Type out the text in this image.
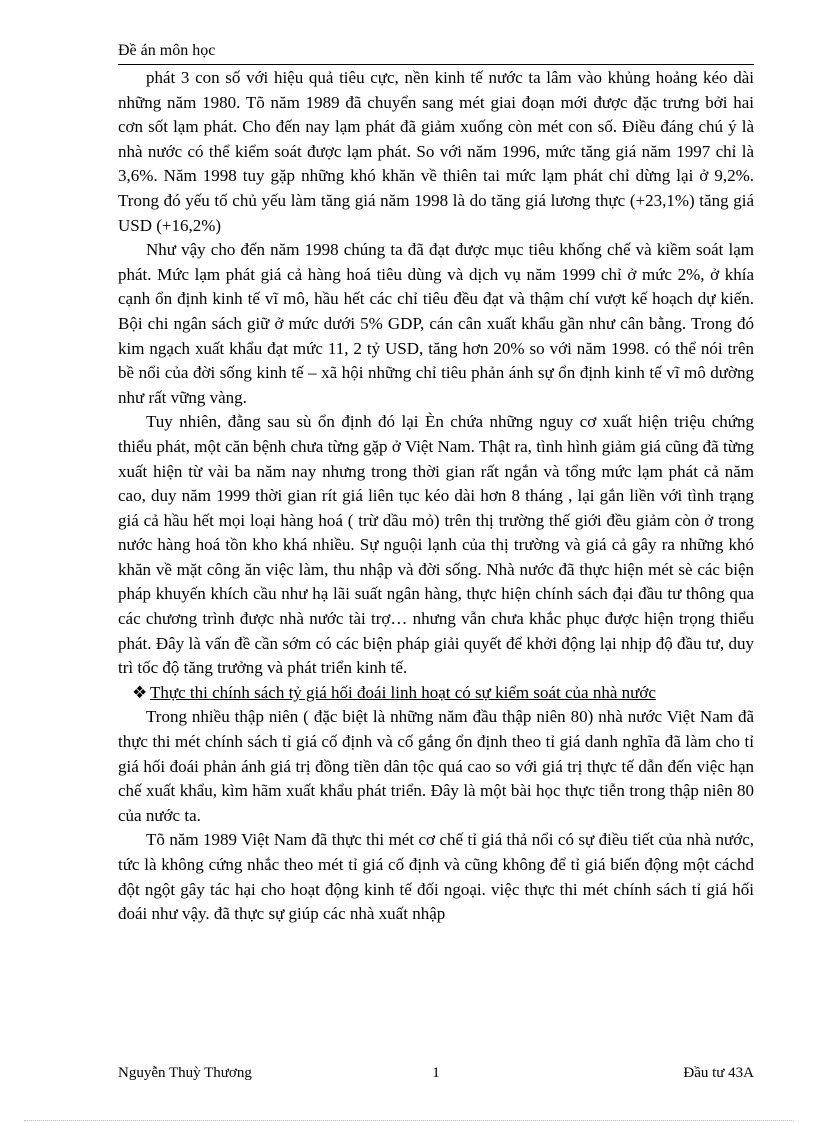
Đề án môn học

phát 3 con số với hiệu quả tiêu cực, nền kinh tế nước ta lâm vào khủng hoảng kéo dài những năm 1980. Tõ năm 1989 đã chuyển sang mét giai đoạn mới được đặc trưng bởi hai cơn sốt lạm phát. Cho đến nay lạm phát đã giảm xuống còn mét con số. Điều đáng chú ý là nhà nước có thể kiểm soát được lạm phát. So với năm 1996, mức tăng giá năm 1997 chỉ là 3,6%. Năm 1998 tuy gặp những khó khăn về thiên tai mức lạm phát chỉ dừng lại ở 9,2%. Trong đó yếu tố chủ yếu làm tăng giá năm 1998 là do tăng giá lương thực (+23,1%) tăng giá USD (+16,2%)

Như vậy cho đến năm 1998 chúng ta đã đạt được mục tiêu khống chế và kiềm soát lạm phát. Mức lạm phát giá cả hàng hoá tiêu dùng và dịch vụ năm 1999 chỉ ở mức 2%, ở khía cạnh ổn định kinh tế vĩ mô, hầu hết các chỉ tiêu đều đạt và thậm chí vượt kế hoạch dự kiến. Bội chi ngân sách giữ ở mức dưới 5% GDP, cán cân xuất khẩu gần như cân bằng. Trong đó kim ngạch xuất khẩu đạt mức 11, 2 tỷ USD, tăng hơn 20% so với năm 1998. có thể nói trên bề nổi của đời sống kinh tế – xã hội những chỉ tiêu phản ánh sự ổn định kinh tế vĩ mô dường như rất vững vàng.

Tuy nhiên, đằng sau sù ổn định đó lại Èn chứa những nguy cơ xuất hiện triệu chứng thiểu phát, một căn bệnh chưa từng gặp ở Việt Nam. Thật ra, tình hình giảm giá cũng đã từng xuất hiện từ vài ba năm nay nhưng trong thời gian rất ngắn và tổng mức lạm phát cả năm cao, duy năm 1999 thời gian rít giá liên tục kéo dài hơn 8 tháng , lại gắn liền với tình trạng giá cả hầu hết mọi loại hàng hoá ( trừ dầu mỏ) trên thị trường thế giới đều giảm còn ở trong nước hàng hoá tồn kho khá nhiều. Sự nguội lạnh của thị trường và giá cả gây ra những khó khăn về mặt công ăn việc làm, thu nhập và đời sống. Nhà nước đã thực hiện mét sè các biện pháp khuyến khích cầu như hạ lãi suất ngân hàng, thực hiện chính sách đại đầu tư thông qua các chương trình được nhà nước tài trợ… nhưng vẫn chưa khắc phục được hiện trọng thiểu phát. Đây là vấn đề cần sớm có các biện pháp giải quyết để khởi động lại nhịp độ đầu tư, duy trì tốc độ tăng trưởng và phát triển kinh tế.

❖ Thực thi chính sách tỷ giá hối đoái linh hoạt có sự kiểm soát của nhà nước

Trong nhiều thập niên ( đặc biệt là những năm đầu thập niên 80) nhà nước Việt Nam đã thực thi mét chính sách tỉ giá cố định và cố gắng ổn định theo tỉ giá danh nghĩa đã làm cho tỉ giá hối đoái phản ánh giá trị đồng tiền dân tộc quá cao so với giá trị thực tế dẫn đến việc hạn chế xuất khẩu, kìm hãm xuất khẩu phát triển. Đây là một bài học thực tiễn trong thập niên 80 của nước ta.

Tõ năm 1989 Việt Nam đã thực thi mét cơ chế tỉ giá thả nổi có sự điều tiết của nhà nước, tức là không cứng nhắc theo mét tỉ giá cố định và cũng không để tỉ giá biến động một cáchd đột ngột gây tác hại cho hoạt động kinh tế đối ngoại. việc thực thi mét chính sách tỉ giá hối đoái như vậy. đã thực sự giúp các nhà xuất nhập

Nguyễn Thuỳ Thương	1	Đầu tư 43A
